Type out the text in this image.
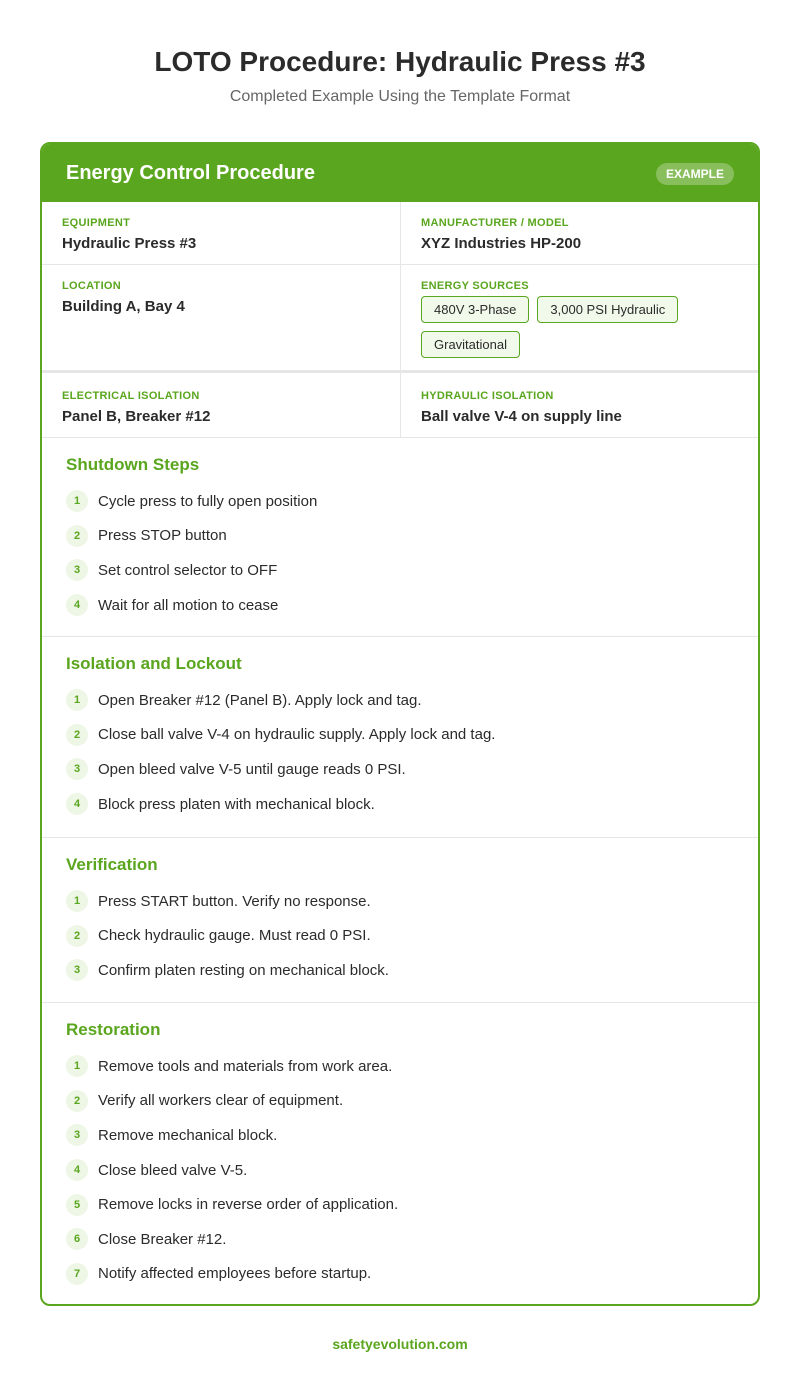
LOTO Procedure: Hydraulic Press #3
Completed Example Using the Template Format
Energy Control Procedure	EXAMPLE
EQUIPMENT
Hydraulic Press #3
MANUFACTURER / MODEL
XYZ Industries HP-200
LOCATION
Building A, Bay 4
ENERGY SOURCES
480V 3-Phase	3,000 PSI Hydraulic
Gravitational
ELECTRICAL ISOLATION
Panel B, Breaker #12
HYDRAULIC ISOLATION
Ball valve V-4 on supply line
Shutdown Steps
1	Cycle press to fully open position
2	Press STOP button
3	Set control selector to OFF
4	Wait for all motion to cease
Isolation and Lockout
1	Open Breaker #12 (Panel B). Apply lock and tag.
2	Close ball valve V-4 on hydraulic supply. Apply lock and tag.
3	Open bleed valve V-5 until gauge reads 0 PSI.
4	Block press platen with mechanical block.
Verification
1	Press START button. Verify no response.
2	Check hydraulic gauge. Must read 0 PSI.
3	Confirm platen resting on mechanical block.
Restoration
1	Remove tools and materials from work area.
2	Verify all workers clear of equipment.
3	Remove mechanical block.
4	Close bleed valve V-5.
5	Remove locks in reverse order of application.
6	Close Breaker #12.
7	Notify affected employees before startup.
safetyevolution.com
